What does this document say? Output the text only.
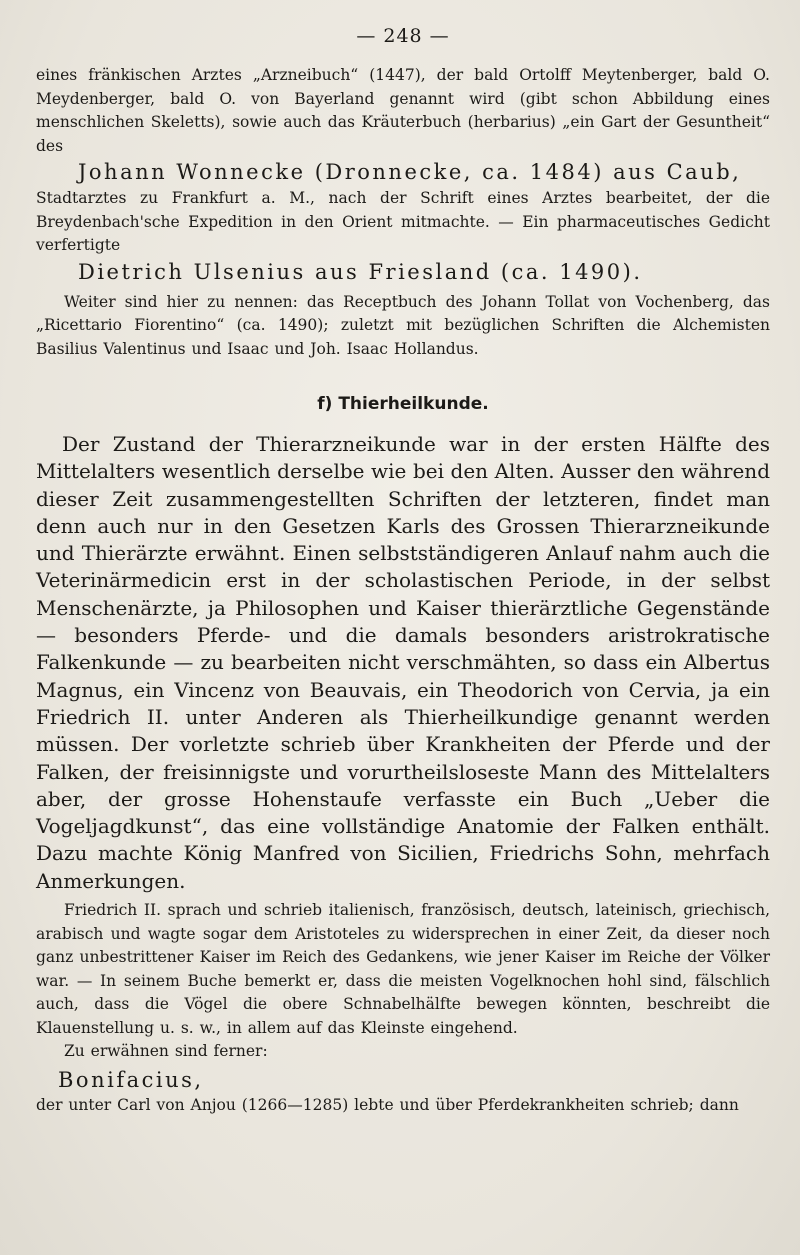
— 248 —

eines fränkischen Arztes „Arzneibuch“ (1447), der bald Ortolff Meytenberger, bald O. Meydenberger, bald O. von Bayerland genannt wird (gibt schon Abbildung eines menschlichen Skeletts), sowie auch das Kräuterbuch (herbarius) „ein Gart der Gesuntheit“ des

Johann Wonnecke (Dronnecke, ca. 1484) aus Caub,

Stadtarztes zu Frankfurt a. M., nach der Schrift eines Arztes bearbeitet, der die Breydenbach'sche Expedition in den Orient mitmachte. — Ein pharmaceutisches Gedicht verfertigte

Dietrich Ulsenius aus Friesland (ca. 1490).

Weiter sind hier zu nennen: das Receptbuch des Johann Tollat von Vochenberg, das „Ricettario Fiorentino“ (ca. 1490); zuletzt mit bezüglichen Schriften die Alchemisten Basilius Valentinus und Isaac und Joh. Isaac Hollandus.

f) Thierheilkunde.

Der Zustand der Thierarzneikunde war in der ersten Hälfte des Mittelalters wesentlich derselbe wie bei den Alten. Ausser den während dieser Zeit zusammengestellten Schriften der letzteren, findet man denn auch nur in den Gesetzen Karls des Grossen Thierarzneikunde und Thierärzte erwähnt. Einen selbstständigeren Anlauf nahm auch die Veterinärmedicin erst in der scholastischen Periode, in der selbst Menschenärzte, ja Philosophen und Kaiser thierärztliche Gegenstände — besonders Pferde- und die damals besonders aristrokratische Falkenkunde — zu bearbeiten nicht verschmähten, so dass ein Albertus Magnus, ein Vincenz von Beauvais, ein Theodorich von Cervia, ja ein Friedrich II. unter Anderen als Thierheilkundige genannt werden müssen. Der vorletzte schrieb über Krankheiten der Pferde und der Falken, der freisinnigste und vorurtheilsloseste Mann des Mittelalters aber, der grosse Hohenstaufe verfasste ein Buch „Ueber die Vogeljagdkunst“, das eine vollständige Anatomie der Falken enthält. Dazu machte König Manfred von Sicilien, Friedrichs Sohn, mehrfach Anmerkungen.

Friedrich II. sprach und schrieb italienisch, französisch, deutsch, lateinisch, griechisch, arabisch und wagte sogar dem Aristoteles zu widersprechen in einer Zeit, da dieser noch ganz unbestrittener Kaiser im Reich des Gedankens, wie jener Kaiser im Reiche der Völker war. — In seinem Buche bemerkt er, dass die meisten Vogelknochen hohl sind, fälschlich auch, dass die Vögel die obere Schnabelhälfte bewegen könnten, beschreibt die Klauenstellung u. s. w., in allem auf das Kleinste eingehend.

Zu erwähnen sind ferner:

Bonifacius,

der unter Carl von Anjou (1266—1285) lebte und über Pferdekrankheiten schrieb; dann
